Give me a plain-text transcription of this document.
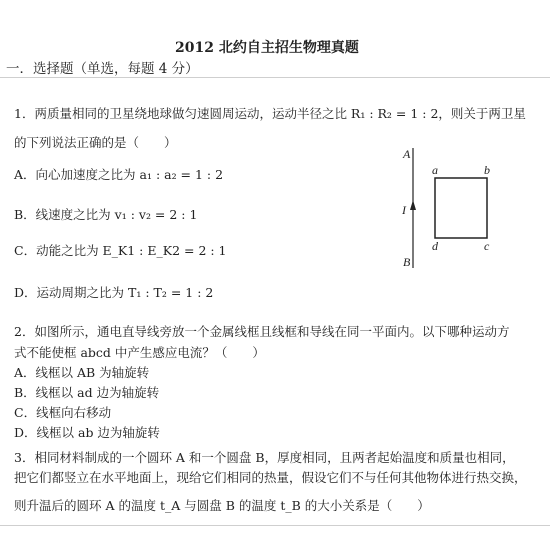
2012 北约自主招生物理真题
一．选择题（单选，每题 4 分）
1．两质量相同的卫星绕地球做匀速圆周运动，运动半径之比 R₁ : R₂ = 1 : 2，则关于两卫星
的下列说法正确的是（　　）
A．向心加速度之比为 a₁ : a₂ = 1 : 2
B．线速度之比为 v₁ : v₂ = 2 : 1
C．动能之比为 E_K1 : E_K2 = 2 : 1
D．运动周期之比为 T₁ : T₂ = 1 : 2
A
B
I
a	b
c
d
2．如图所示，通电直导线旁放一个金属线框且线框和导线在同一平面内。以下哪种运动方
式不能使框 abcd 中产生感应电流？（　　）
A．线框以 AB 为轴旋转
B．线框以 ad 边为轴旋转
C．线框向右移动
D．线框以 ab 边为轴旋转
3．相同材料制成的一个圆环 A 和一个圆盘 B，厚度相同，且两者起始温度和质量也相同，
把它们都竖立在水平地面上，现给它们相同的热量，假设它们不与任何其他物体进行热交换，
则升温后的圆环 A 的温度 t_A 与圆盘 B 的温度 t_B 的大小关系是（　　）
